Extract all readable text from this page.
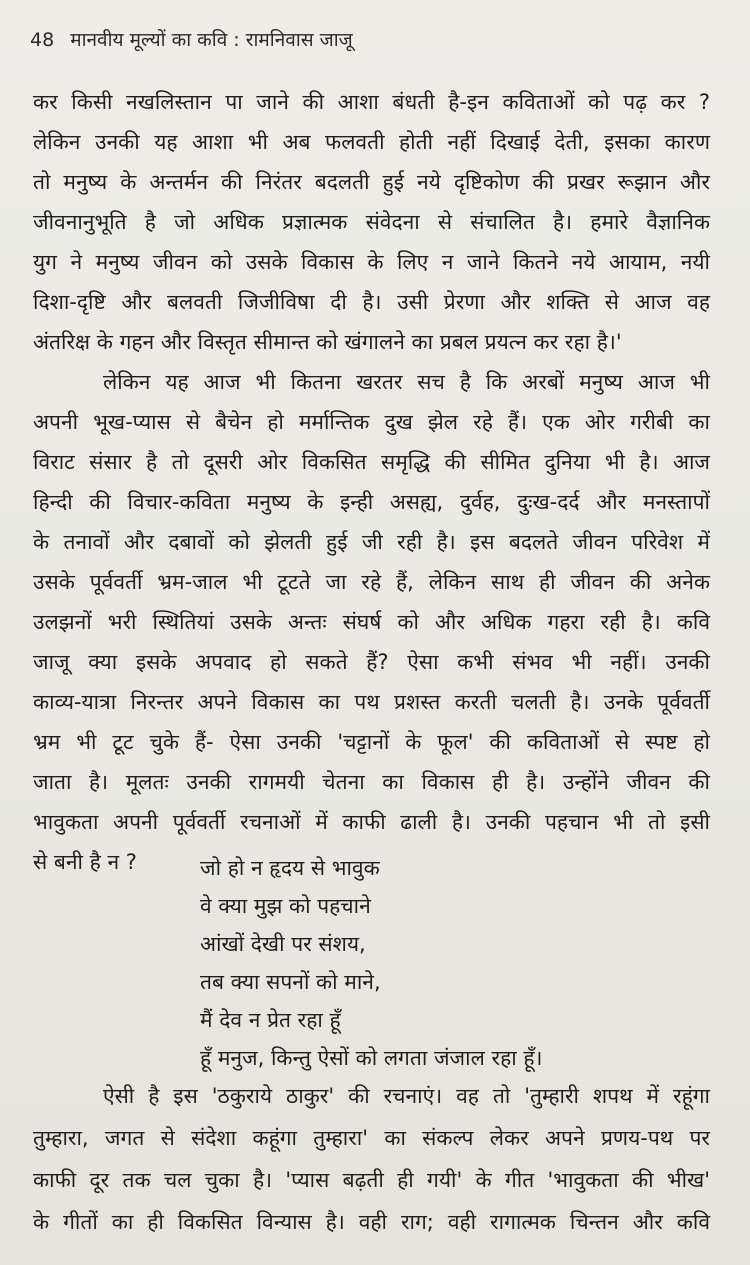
48 मानवीय मूल्यों का कवि : रामनिवास जाजू
कर किसी नखलिस्तान पा जाने की आशा बंधती है-इन कविताओं को पढ़ कर ?
लेकिन उनकी यह आशा भी अब फलवती होती नहीं दिखाई देती, इसका कारण
तो मनुष्य के अन्तर्मन की निरंतर बदलती हुई नये दृष्टिकोण की प्रखर रूझान और
जीवनानुभूति है जो अधिक प्रज्ञात्मक संवेदना से संचालित है। हमारे वैज्ञानिक
युग ने मनुष्य जीवन को उसके विकास के लिए न जाने कितने नये आयाम, नयी
दिशा-दृष्टि और बलवती जिजीविषा दी है। उसी प्रेरणा और शक्ति से आज वह
अंतरिक्ष के गहन और विस्तृत सीमान्त को खंगालने का प्रबल प्रयत्न कर रहा है।'
लेकिन यह आज भी कितना खरतर सच है कि अरबों मनुष्य आज भी
अपनी भूख-प्यास से बैचेन हो मर्मान्तिक दुख झेल रहे हैं। एक ओर गरीबी का
विराट संसार है तो दूसरी ओर विकसित समृद्धि की सीमित दुनिया भी है। आज
हिन्दी की विचार-कविता मनुष्य के इन्ही असह्य, दुर्वह, दुःख-दर्द और मनस्तापों
के तनावों और दबावों को झेलती हुई जी रही है। इस बदलते जीवन परिवेश में
उसके पूर्ववर्ती भ्रम-जाल भी टूटते जा रहे हैं, लेकिन साथ ही जीवन की अनेक
उलझनों भरी स्थितियां उसके अन्तः संघर्ष को और अधिक गहरा रही है। कवि
जाजू क्या इसके अपवाद हो सकते हैं? ऐसा कभी संभव भी नहीं। उनकी
काव्य-यात्रा निरन्तर अपने विकास का पथ प्रशस्त करती चलती है। उनके पूर्ववर्ती
भ्रम भी टूट चुके हैं- ऐसा उनकी 'चट्टानों के फूल' की कविताओं से स्पष्ट हो
जाता है। मूलतः उनकी रागमयी चेतना का विकास ही है। उन्होंने जीवन की
भावुकता अपनी पूर्ववर्ती रचनाओं में काफी ढाली है। उनकी पहचान भी तो इसी
से बनी है न ?	जो हो न हृदय से भावुक
वे क्या मुझ को पहचाने
आंखों देखी पर संशय,
तब क्या सपनों को माने,
मैं देव न प्रेत रहा हूँ
हूँ मनुज, किन्तु ऐसों को लगता जंजाल रहा हूँ।
ऐसी है इस 'ठकुराये ठाकुर' की रचनाएं। वह तो 'तुम्हारी शपथ में रहूंगा
तुम्हारा, जगत से संदेशा कहूंगा तुम्हारा' का संकल्प लेकर अपने प्रणय-पथ पर
काफी दूर तक चल चुका है। 'प्यास बढ़ती ही गयी' के गीत 'भावुकता की भीख'
के गीतों का ही विकसित विन्यास है। वही राग; वही रागात्मक चिन्तन और कवि
